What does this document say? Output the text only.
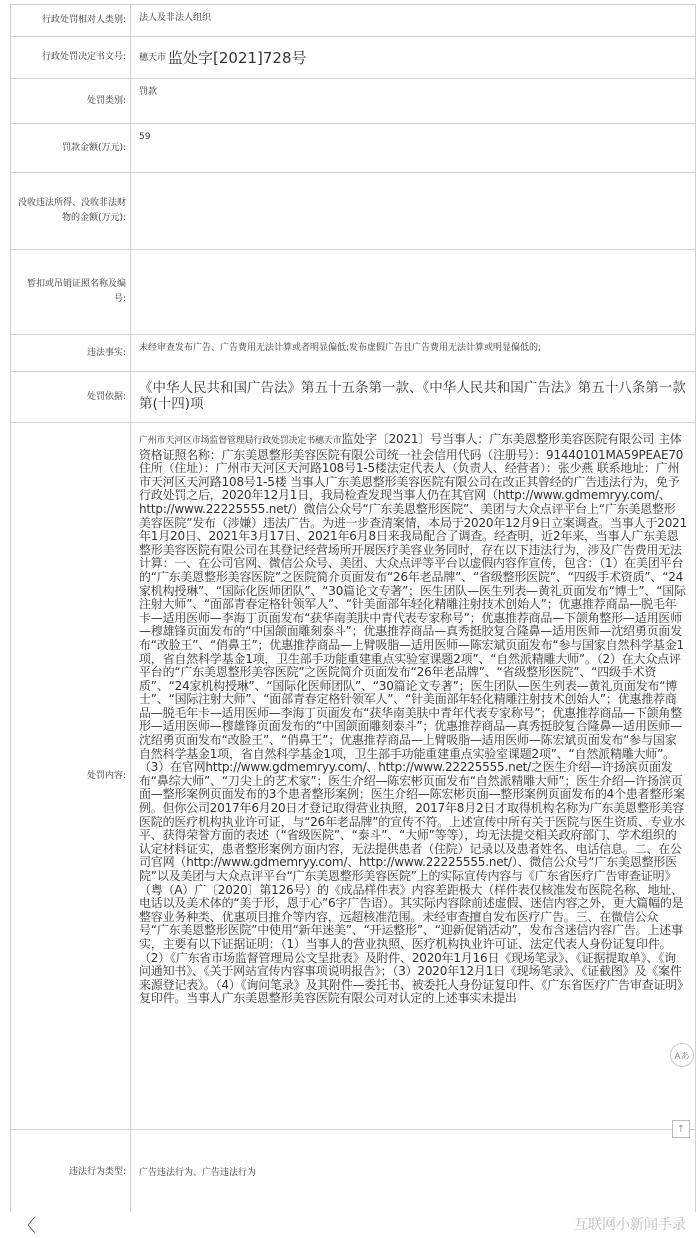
行政处罚相对人类别:	法人及非法人组织
行政处罚决定书文号:	穗天市 监处字[2021]728号
处罚类别:
罚款
罚款金额(万元):
59
没收违法所得、没收非法财物的金额(万元):
暂扣或吊销证照名称及编号:
违法事实:	未经审查发布广告、广告费用无法计算或者明显偏低;发布虚假广告且广告费用无法计算或明显偏低的;
处罚依据:
《中华人民共和国广告法》第五十五条第一款、《中华人民共和国广告法》第五十八条第一款第(十四)项
处罚内容:
广州市天河区市场监督管理局行政处罚决定书穗天市监处字〔2021〕号当事人：广东美恩整形美容医院有限公司 主体资格证照名称：广东美恩整形美容医院有限公司统一社会信用代码（注册号）：91440101MA59PEAE70 住所（住址）：广州市天河区天河路108号1-5楼法定代表人（负责人、经营者）：张少燕 联系地址：广州市天河区天河路108号1-5楼 当事人广东美恩整形美容医院有限公司在改正其曾经的广告违法行为，免予行政处罚之后，2020年12月1日，我局检查发现当事人仍在其官网（http://www.gdmemryy.com/、http://www.22225555.net/）微信公众号“广东美恩整形医院”、美团与大众点评平台上“广东美恩整形美容医院”发布（涉嫌）违法广告。为进一步查清案情，本局于2020年12月9日立案调查。当事人于2021年1月20日、2021年3月17日、2021年6月8日来我局配合了调查。经查明，近2年来，当事人广东美恩整形美容医院有限公司在其登记经营场所开展医疗美容业务同时，存在以下违法行为，涉及广告费用无法计算：一、在公司官网、微信公众号、美团、大众点评等平台以虚假内容作宣传，包含：（1）在美团平台的“广东美恩整形美容医院”之医院简介页面发布“26年老品牌”、“省级整形医院”、“四级手术资质”、“24家机构授琳”、“国际化医师团队”、“30篇论文专著”；医生团队—医生列表—黄礼页面发布“博士”、“国际注射大师”、“面部青春定格针领军人”、“针美面部年轻化精雕注射技术创始人”；优惠推荐商品—脱毛年卡—适用医师—李海丁页面发布“获华南美肤中青代表专家称号”；优惠推荐商品—下颌角整形—适用医师—穆雄锋页面发布的“中国颌面雕刻泰斗”；优惠推荐商品—真秀挺胶复合隆鼻—适用医师—沈绍勇页面发布“改脸王”、“俏鼻王”；优惠推荐商品—上臂吸脂—适用医师—陈宏斌页面发布“参与国家自然科学基金1项，省自然科学基金1项，卫生部手功能重建重点实验室课题2项”、“自然派精雕大师”。（2）在大众点评平台的“广东美恩整形美容医院”之医院简介页面发布“26年老品牌”、“省级整形医院”、“四级手术资质”、“24家机构授琳”、“国际化医师团队”、“30篇论文专著”；医生团队—医生列表—黄礼页面发布“博士”、“国际注射大师”、“面部青春定格针领军人”、“针美面部年轻化精雕注射技术创始人”；优惠推荐商品—脱毛年卡—适用医师—李海丁页面发布“获华南美肤中青年代表专家称号”；优惠推荐商品—下颌角整形—适用医师—穆雄锋页面发布的“中国颌面雕刻泰斗”；优惠推荐商品—真秀挺胶复合隆鼻—适用医师—沈绍勇页面发布“改脸王”、“俏鼻王”；优惠推荐商品—上臂吸脂—适用医师—陈宏斌页面发布“参与国家自然科学基金1项，省自然科学基金1项，卫生部手功能重建重点实验室课题2项”、“自然派精雕大师”。（3）在官网http://www.gdmemryy.com/、http://www.22225555.net/之医生介绍—许扬滨页面发布“鼻综大师”、“刀尖上的艺术家”；医生介绍—陈宏彬页面发布“自然派精雕大师”；医生介绍—许扬滨页面—整形案例页面发布的3个患者整形案例；医生介绍—陈宏彬页面—整形案例页面发布的4个患者整形案例。但你公司2017年6月20日才登记取得营业执照，2017年8月2日才取得机构名称为广东美恩整形美容医院的医疗机构执业许可证，与“26年老品牌”的宣传不符。上述宣传中所有关于医院与医生资质、专业水平、获得荣誉方面的表述（“省级医院”、“泰斗”、“大师”等等），均无法提交相关政府部门、学术组织的认定材料证实，患者整形案例方面内容，无法提供患者（住院）记录以及患者姓名、电话信息。二、在公司官网（http://www.gdmemryy.com/、http://www.22225555.net/）、微信公众号“广东美恩整形医院”以及美团与大众点评平台“广东美恩整形美容医院”上的实际宣传内容与《广东省医疗广告审查证明》（粤（A）广〔2020〕第126号）的《成品样件表》内容差距极大（样件表仅核准发布医院名称、地址、电话以及美术体的“美于形，恩于心”6字广告语）。其实际内容除前述虚假、迷信内容之外，更大篇幅的是整容业务种类、优惠项目推介等内容，远超核准范围。未经审查擅自发布医疗广告。三、在微信公众号“广东美恩整形医院”中使用“新年迷美”、“开运整形”、“迎新促销活动”，发布含迷信内容广告。上述事实，主要有以下证据证明：（1）当事人的营业执照、医疗机构执业许可证、法定代表人身份证复印件。（2）《广东省市场监督管理局公文呈批表》及附件、2020年1月16日《现场笔录》、《证据提取单》、《询问通知书》、《关于网站宣传内容事项说明报告》；（3）2020年12月1日《现场笔录》、《证截图》及《案件来源登记表》。（4）《询问笔录》及其附件—委托书、被委托人身份证复印件、《广东省医疗广告审查证明》复印件。当事人广东美恩整形美容医院有限公司对认定的上述事实未提出
违法行为类型:	广告违法行为、广告违法行为
Aあ
↑
〈	互联网小新闻手录
